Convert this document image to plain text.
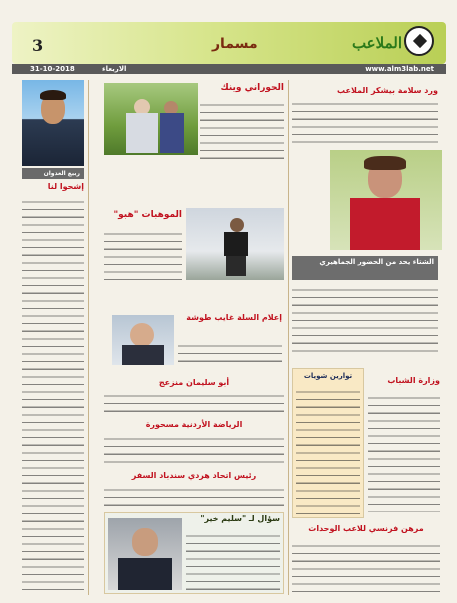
3	مسمار	الملاعب
31-10-2018	الاربعاء	www.alm3lab.net
ربيع العدوان
إشحوا لنا
الحوراني وينك
الموهبات "هبو"
إعلام السلة غايب طوشة
أبو سليمان منزعج
الرياضة الأردنية مسحورة
رئيس اتحاد هردي سندباد السفر
سؤال لـ "سليم خير"
ورد سلامة بيشكر الملاعب
الشتاء يحد من الحضور الجماهيري
توارين شويات	وزارة الشباب
مرهن فرنسي للاعب الوحدات
